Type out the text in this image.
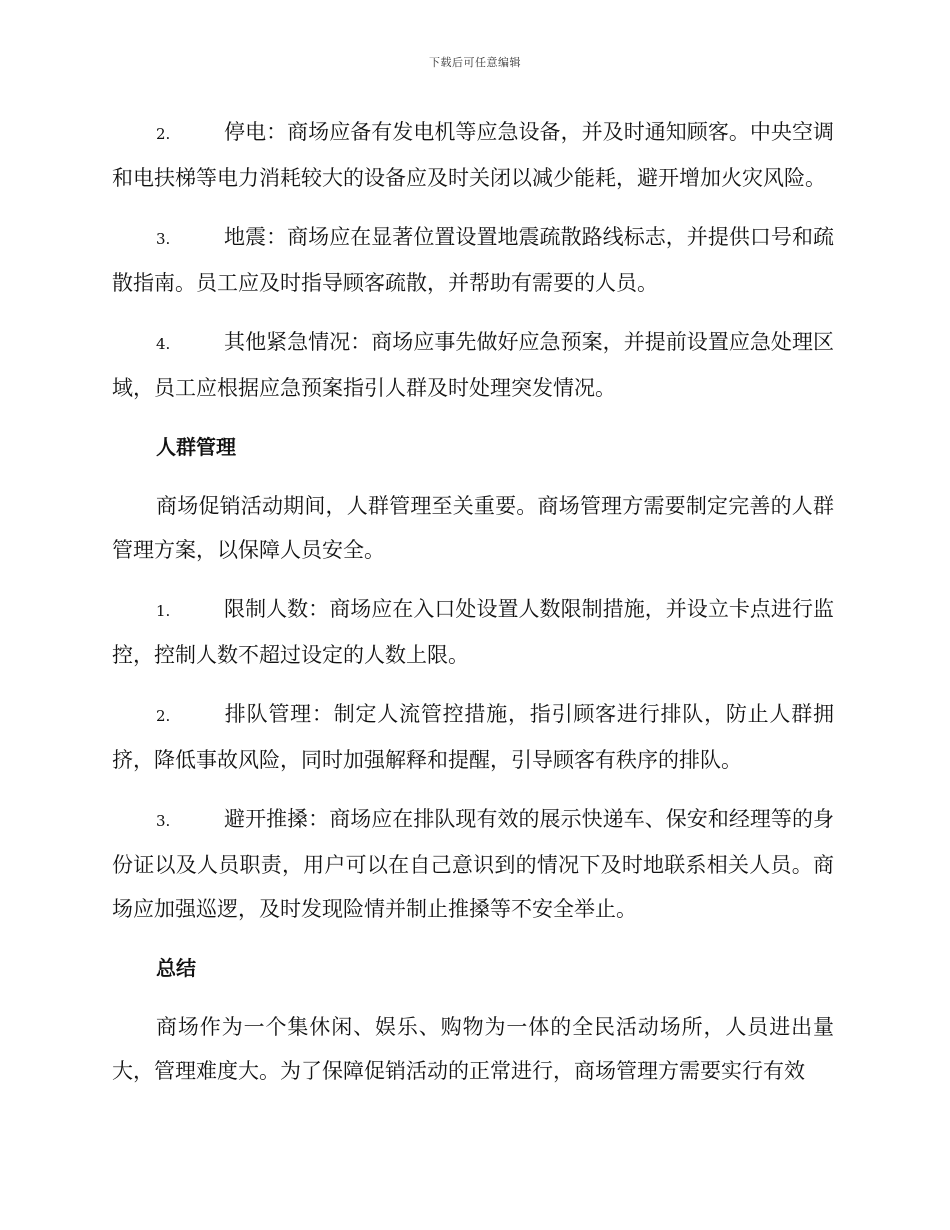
下载后可任意编辑

2.	停电：商场应备有发电机等应急设备，并及时通知顾客。中央空调和电扶梯等电力消耗较大的设备应及时关闭以减少能耗，避开增加火灾风险。

3.	地震：商场应在显著位置设置地震疏散路线标志，并提供口号和疏散指南。员工应及时指导顾客疏散，并帮助有需要的人员。

4.	其他紧急情况：商场应事先做好应急预案，并提前设置应急处理区域，员工应根据应急预案指引人群及时处理突发情况。

人群管理

商场促销活动期间，人群管理至关重要。商场管理方需要制定完善的人群管理方案，以保障人员安全。

1.	限制人数：商场应在入口处设置人数限制措施，并设立卡点进行监控，控制人数不超过设定的人数上限。

2.	排队管理：制定人流管控措施，指引顾客进行排队，防止人群拥挤，降低事故风险，同时加强解释和提醒，引导顾客有秩序的排队。

3.	避开推搡：商场应在排队现有效的展示快递车、保安和经理等的身份证以及人员职责，用户可以在自己意识到的情况下及时地联系相关人员。商场应加强巡逻，及时发现险情并制止推搡等不安全举止。

总结

商场作为一个集休闲、娱乐、购物为一体的全民活动场所，人员进出量大，管理难度大。为了保障促销活动的正常进行，商场管理方需要实行有效
